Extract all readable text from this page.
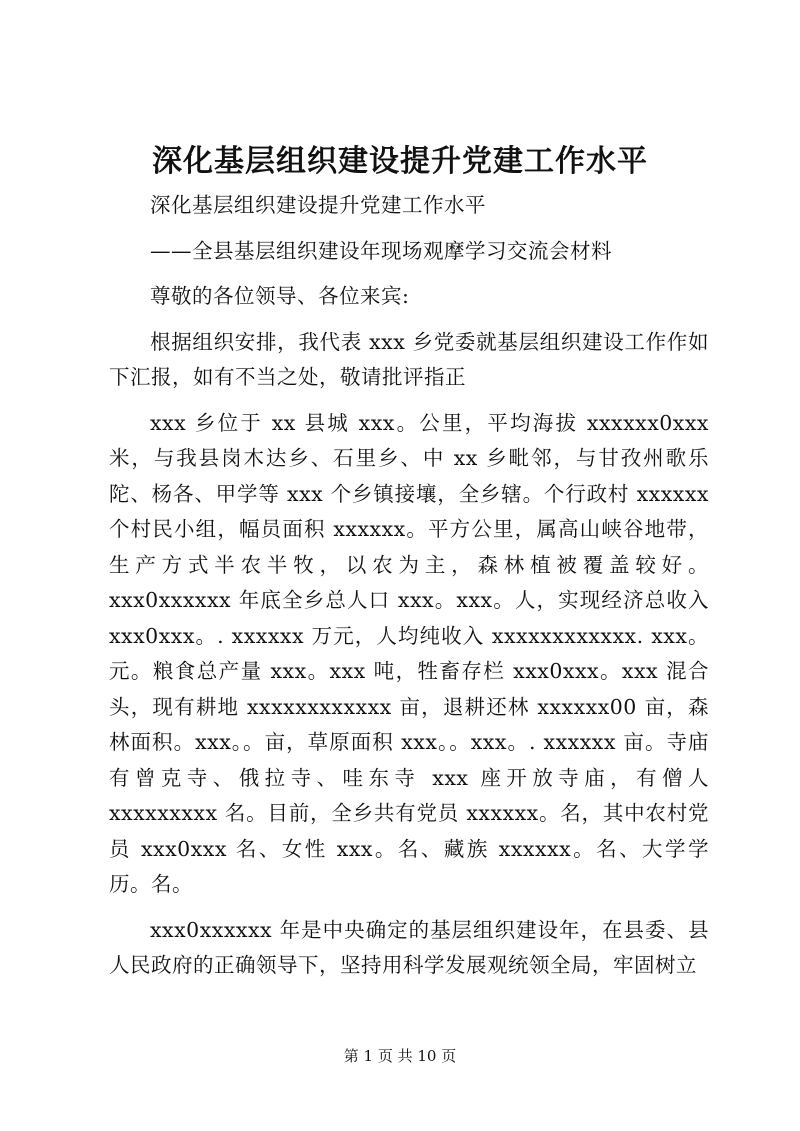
深化基层组织建设提升党建工作水平

深化基层组织建设提升党建工作水平

——全县基层组织建设年现场观摩学习交流会材料

尊敬的各位领导、各位来宾:

根据组织安排，我代表 xxx 乡党委就基层组织建设工作作如下汇报，如有不当之处，敬请批评指正

xxx 乡位于 xx 县城 xxx。公里，平均海拔 xxxxxx0xxx 米，与我县岗木达乡、石里乡、中 xx 乡毗邻，与甘孜州歌乐陀、杨各、甲学等 xxx 个乡镇接壤，全乡辖。个行政村 xxxxxx 个村民小组，幅员面积 xxxxxx。平方公里，属高山峡谷地带，生产方式半农半牧，以农为主，森林植被覆盖较好。xxx0xxxxxx 年底全乡总人口 xxx。xxx。人，实现经济总收入 xxx0xxx。. xxxxxx 万元，人均纯收入 xxxxxxxxxxxx. xxx。元。粮食总产量 xxx。xxx 吨，牲畜存栏 xxx0xxx。xxx 混合头，现有耕地 xxxxxxxxxxxx 亩，退耕还林 xxxxxx00 亩，森林面积。xxx。。亩，草原面积 xxx。。xxx。. xxxxxx 亩。寺庙有曾克寺、俄拉寺、哇东寺 xxx 座开放寺庙，有僧人 xxxxxxxxx 名。目前，全乡共有党员 xxxxxx。名，其中农村党员 xxx0xxx 名、女性 xxx。名、藏族 xxxxxx。名、大学学历。名。

xxx0xxxxxx 年是中央确定的基层组织建设年，在县委、县人民政府的正确领导下，坚持用科学发展观统领全局，牢固树立

第 1 页 共 10 页
